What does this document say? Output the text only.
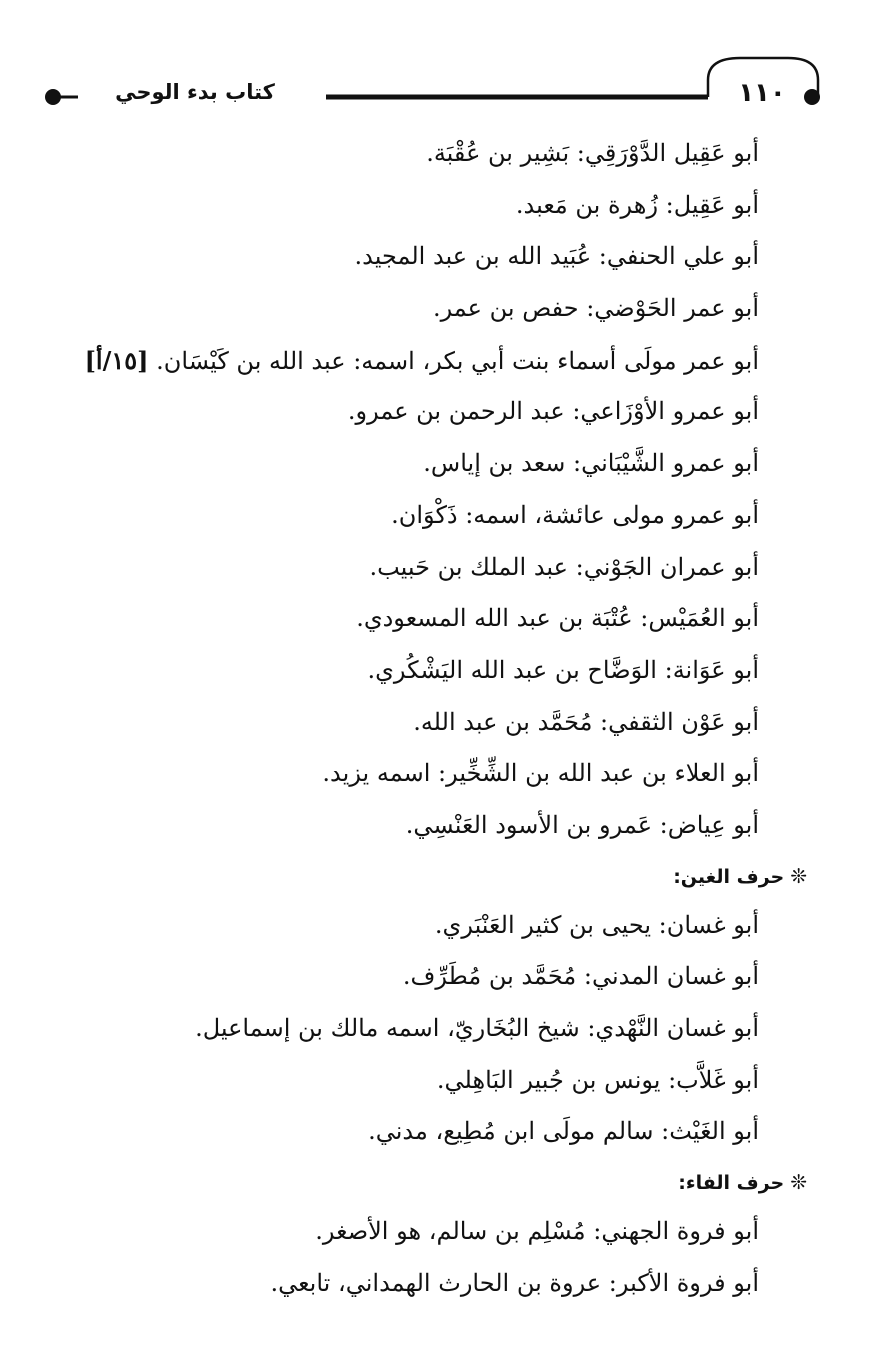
١١٠
كتاب بدء الوحي
أبو عَقِيل الدَّوْرَقِي: بَشِير بن عُقْبَة.
أبو عَقِيل: زُهرة بن مَعبد.
أبو علي الحنفي: عُبَيد الله بن عبد المجيد.
أبو عمر الحَوْضي: حفص بن عمر.
أبو عمر مولَى أسماء بنت أبي بكر، اسمه: عبد الله بن كَيْسَان. [١٥/أ]
أبو عمرو الأوْزَاعي: عبد الرحمن بن عمرو.
أبو عمرو الشَّيْبَاني: سعد بن إياس.
أبو عمرو مولى عائشة، اسمه: ذَكْوَان.
أبو عمران الجَوْني: عبد الملك بن حَبيب.
أبو العُمَيْس: عُتْبَة بن عبد الله المسعودي.
أبو عَوَانة: الوَضَّاح بن عبد الله اليَشْكُري.
أبو عَوْن الثقفي: مُحَمَّد بن عبد الله.
أبو العلاء بن عبد الله بن الشِّخِّير: اسمه يزيد.
أبو عِياض: عَمرو بن الأسود العَنْسِي.
❊حرف الغين:
أبو غسان: يحيى بن كثير العَنْبَري.
أبو غسان المدني: مُحَمَّد بن مُطَرِّف.
أبو غسان النَّهْدي: شيخ البُخَاريّ، اسمه مالك بن إسماعيل.
أبو غَلاَّب: يونس بن جُبير البَاهِلي.
أبو الغَيْث: سالم مولَى ابن مُطِيع، مدني.
❊حرف الفاء:
أبو فروة الجهني: مُسْلِم بن سالم، هو الأصغر.
أبو فروة الأكبر: عروة بن الحارث الهمداني، تابعي.
